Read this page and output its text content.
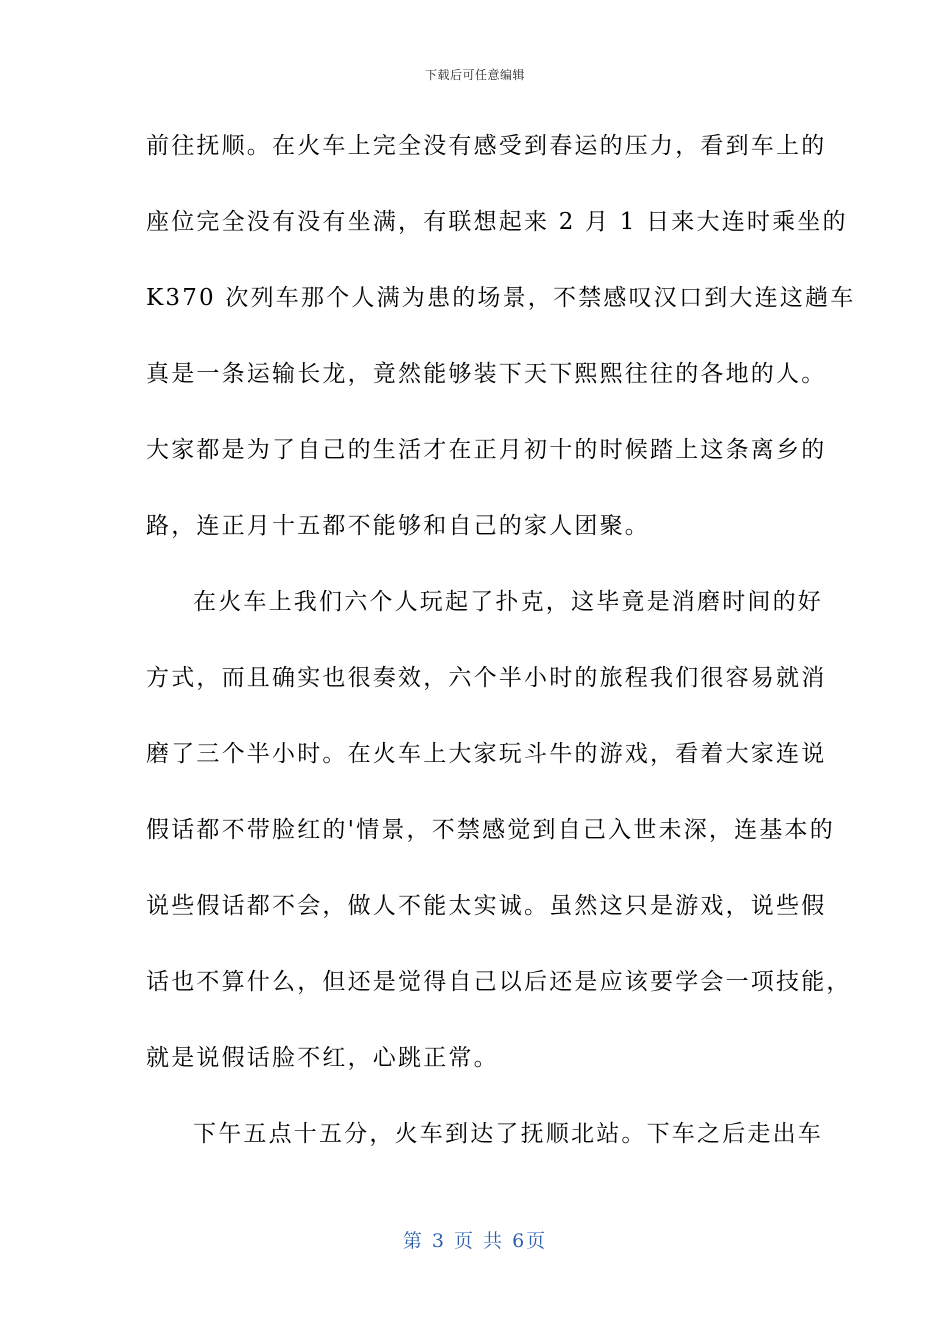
下载后可任意编辑
前往抚顺。在火车上完全没有感受到春运的压力，看到车上的
座位完全没有没有坐满，有联想起来 2 月 1 日来大连时乘坐的
K370 次列车那个人满为患的场景，不禁感叹汉口到大连这趟车
真是一条运输长龙，竟然能够装下天下熙熙往往的各地的人。
大家都是为了自己的生活才在正月初十的时候踏上这条离乡的
路，连正月十五都不能够和自己的家人团聚。
在火车上我们六个人玩起了扑克，这毕竟是消磨时间的好
方式，而且确实也很奏效，六个半小时的旅程我们很容易就消
磨了三个半小时。在火车上大家玩斗牛的游戏，看着大家连说
假话都不带脸红的'情景，不禁感觉到自己入世未深，连基本的
说些假话都不会，做人不能太实诚。虽然这只是游戏，说些假
话也不算什么，但还是觉得自己以后还是应该要学会一项技能，
就是说假话脸不红，心跳正常。
下午五点十五分，火车到达了抚顺北站。下车之后走出车
第 3 页 共 6页
